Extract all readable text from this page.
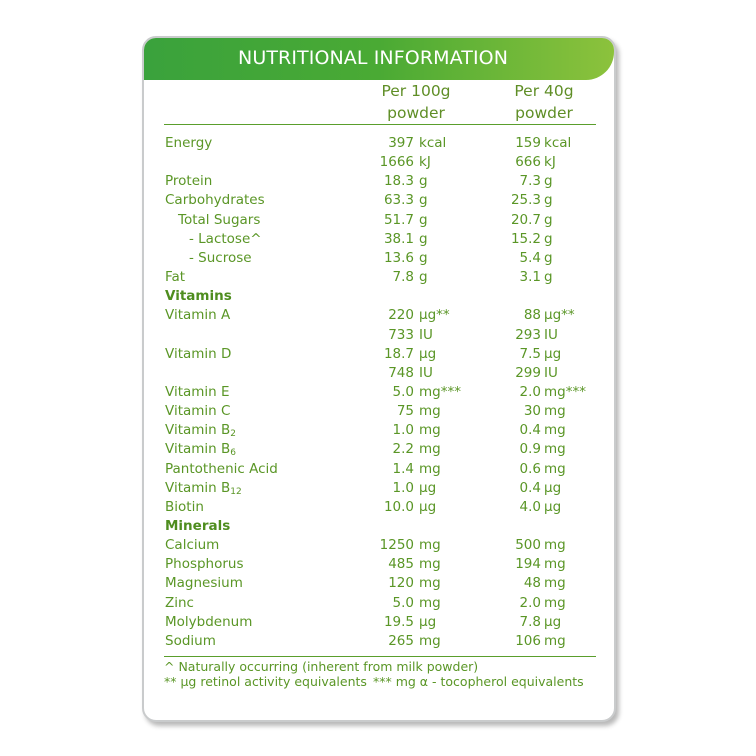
NUTRITIONAL INFORMATION
Per 100g
powder
Per 40g
powder
Energy	397 kcal	159 kcal
1666 kJ	666 kJ
Protein	18.3 g	7.3 g
Carbohydrates	63.3 g	25.3 g
Total Sugars	51.7 g	20.7 g
- Lactose^	38.1 g	15.2 g
- Sucrose	13.6 g	5.4 g
Fat	7.8 g	3.1 g
Vitamins
Vitamin A	220 µg**	88 µg**
733 IU	293 IU
Vitamin D	18.7 µg	7.5 µg
748 IU	299 IU
Vitamin E	5.0 mg***	2.0 mg***
Vitamin C	75 mg	30 mg
Vitamin $B_2$	1.0 mg	0.4 mg
Vitamin $B_6$	2.2 mg	0.9 mg
Pantothenic Acid	1.4 mg	0.6 mg
Vitamin $B_{12}$	1.0 µg	0.4 µg
Biotin	10.0 µg	4.0 µg
Minerals
Calcium	1250 mg	500 mg
Phosphorus	485 mg	194 mg
Magnesium	120 mg	48 mg
Zinc	5.0 mg	2.0 mg
Molybdenum	19.5 µg	7.8 µg
Sodium	265 mg	106 mg
^ Naturally occurring (inherent from milk powder)
** µg retinol activity equivalents *** mg α - tocopherol equivalents
